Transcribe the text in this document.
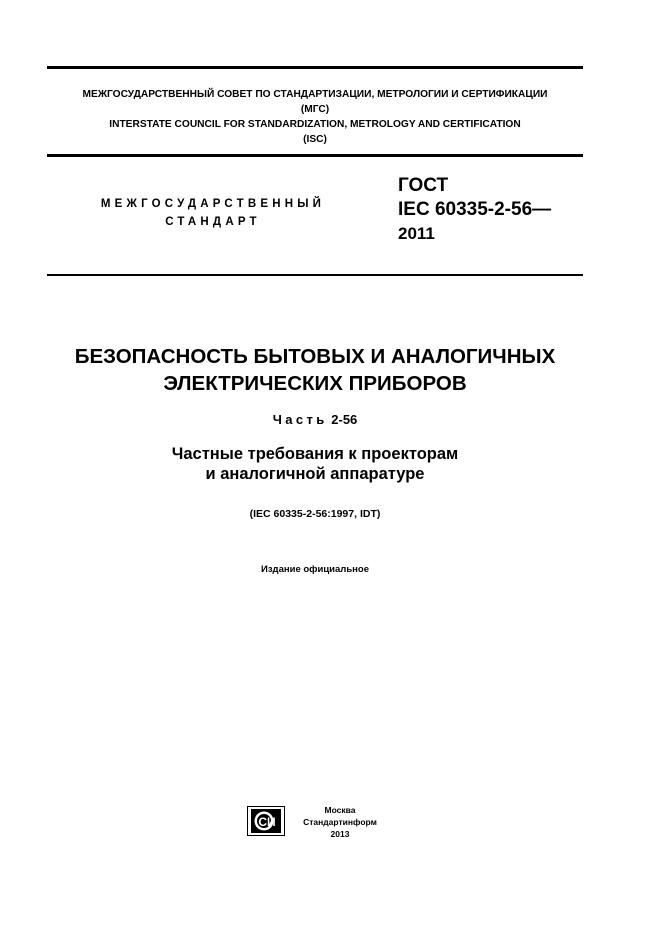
МЕЖГОСУДАРСТВЕННЫЙ СОВЕТ ПО СТАНДАРТИЗАЦИИ, МЕТРОЛОГИИ И СЕРТИФИКАЦИИ
(МГС)
INTERSTATE COUNCIL FOR STANDARDIZATION, METROLOGY AND CERTIFICATION
(ISC)
МЕЖГОСУДАРСТВЕННЫЙ
СТАНДАРТ
ГОСТ
IEC 60335-2-56—
2011
БЕЗОПАСНОСТЬ БЫТОВЫХ И АНАЛОГИЧНЫХ
ЭЛЕКТРИЧЕСКИХ ПРИБОРОВ
Часть 2-56
Частные требования к проекторам
и аналогичной аппаратуре
(IEC 60335-2-56:1997, IDT)
Издание официальное
СИ
Москва
Стандартинформ
2013
